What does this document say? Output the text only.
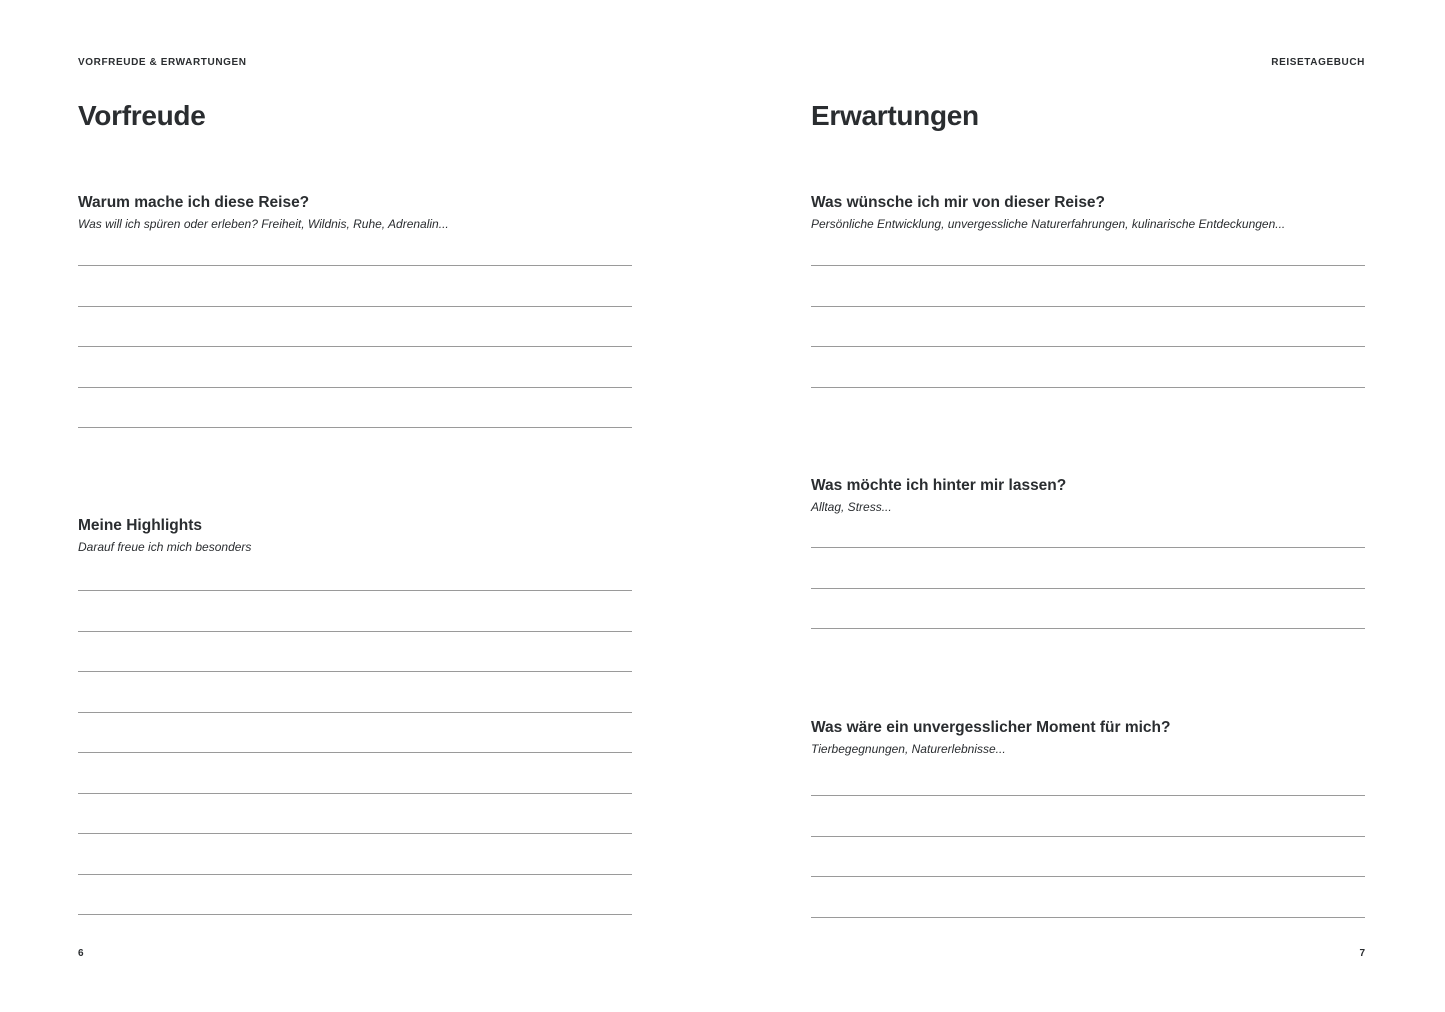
VORFREUDE & ERWARTUNGEN
Vorfreude
Warum mache ich diese Reise?

Was will ich spüren oder erleben? Freiheit, Wildnis, Ruhe, Adrenalin...

Meine Highlights

Darauf freue ich mich besonders

6
REISETAGEBUCH
Erwartungen
Was wünsche ich mir von dieser Reise?

Persönliche Entwicklung, unvergessliche Naturerfahrungen, kulinarische Entdeckungen...

Was möchte ich hinter mir lassen?

Alltag, Stress...

Was wäre ein unvergesslicher Moment für mich?

Tierbegegnungen, Naturerlebnisse...

7
